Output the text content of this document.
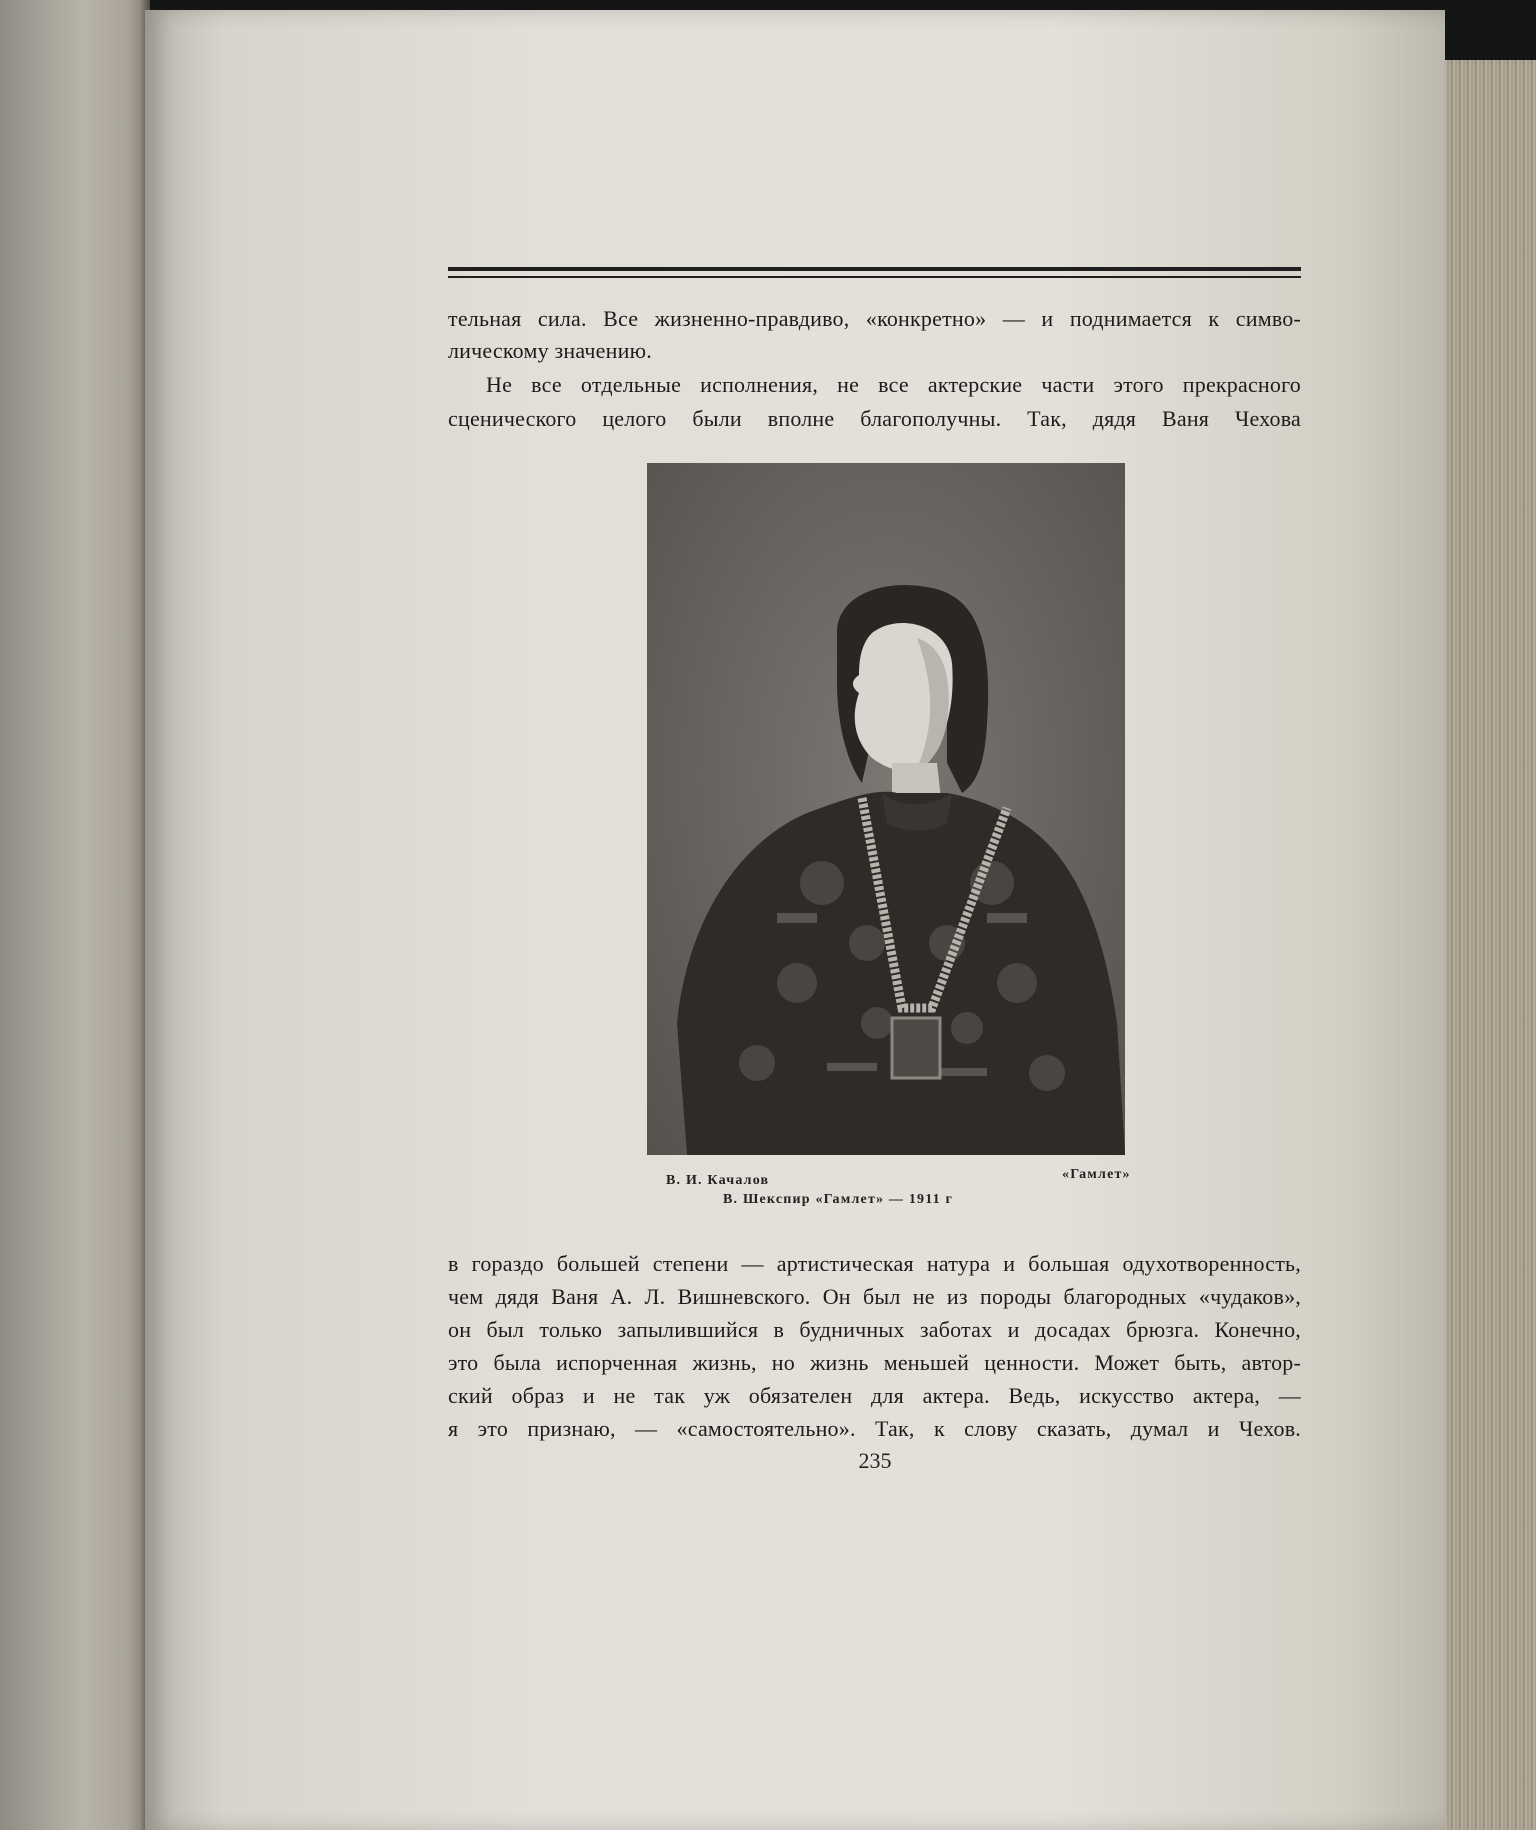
тельная сила. Все жизненно-правдиво, «конкретно» — и поднимается к симво-
лическому значению.
Не все отдельные исполнения, не все актерские части этого прекрасного
сценического целого были вполне благополучны. Так, дядя Ваня Чехова
В. И. Качалов	«Гамлет»
В. Шекспир «Гамлет» — 1911 г
в гораздо большей степени — артистическая натура и большая одухотворенность,
чем дядя Ваня А. Л. Вишневского. Он был не из породы благородных «чудаков»,
он был только запылившийся в будничных заботах и досадах брюзга. Конечно,
это была испорченная жизнь, но жизнь меньшей ценности. Может быть, автор-
ский образ и не так уж обязателен для актера. Ведь, искусство актера, —
я это признаю, — «самостоятельно». Так, к слову сказать, думал и Чехов.
235
